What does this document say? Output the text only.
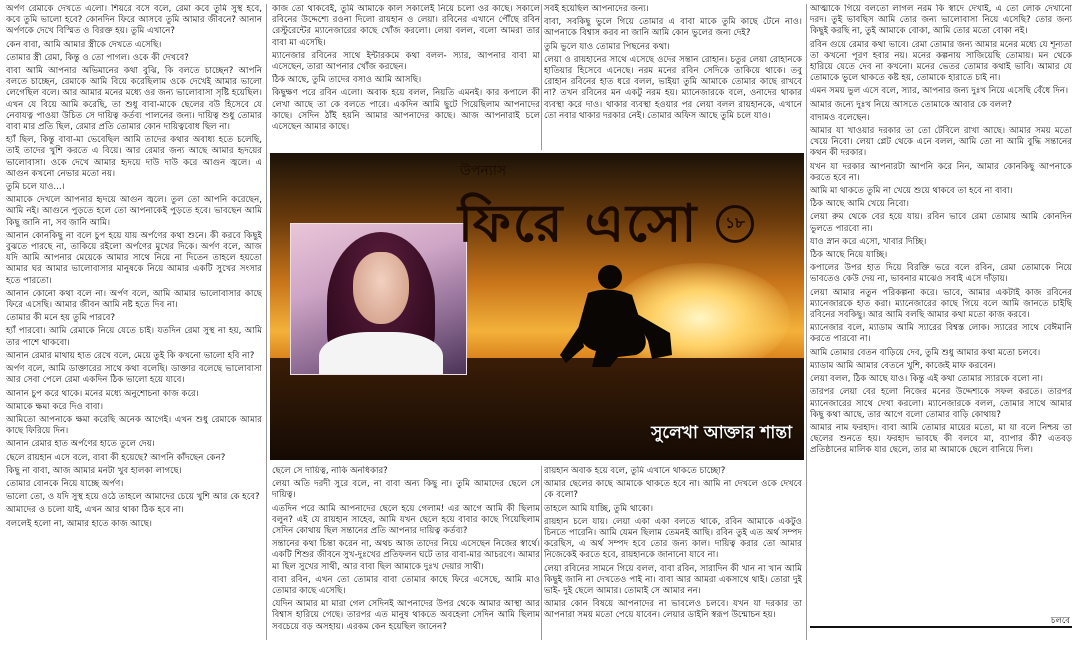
অর্পণ রেমাকে দেখতে এলো। শিয়রে বসে বলে, রেমা কবে তুমি সুস্থ হবে, কবে তুমি ভালো হবে? কোনদিন ফিরে আসবে তুমি আমার জীবনে? আনান অর্পণকে দেখে বিস্মিত ও বিরক্ত হয়। তুমি এখানে?

কেন বাবা, আমি আমার স্ত্রীকে দেখতে এসেছি।

তোমার স্ত্রী রেমা, কিন্তু ও তো পাগল। ওকে কী দেখবে?

বাবা আমি আপনার অভিমানের কথা বুঝি, কি বলতে চাচ্ছেন? আপনি বলতে চাচ্ছেন, রেমাকে আমি বিয়ে করেছিলাম ওকে দেখেই আমার ভালো লেগেছিল বলে। আর আমার মনের মধ্যে ওর জন্য ভালোবাসা সৃষ্টি হয়েছিল। এখন যে বিয়ে আমি করেছি, তা শুধু বাবা-মাকে ছেলের বউ হিসেবে যে নেবাযত্ন পাওয়া উচিত সে দায়িত্ব কর্তব্য পালনের জন্য। দায়িত্ব শুধু তোমার বাবা মার প্রতি ছিল, রেমার প্রতি তোমার কোন দায়িত্ববোধ ছিল না।

হ্যাঁ ছিল, কিন্তু বাবা-মা ভেবেছিল আমি তাদের কথার অবাধ্য হতে চলেছি, তাই তাদের খুশি করতে এ বিয়ে। আর রেমার জন্য আছে আমার হৃদয়ের ভালোবাসা। ওকে দেখে আমার হৃদয়ে দাউ দাউ করে আগুন জ্বলে। এ আগুন কখনো নেভার মতো নয়।

তুমি চলে যাও...।

আমাকে দেখলে আপনার হৃদয়ে আগুন জ্বলে। তুল তো আপনি করেছেন, আমি নই। আগুনে পুড়তে হলে তো আপনাকেই পুড়তে হবে। ভাবছেন আমি কিছু জানি না, সব জানি আমি।

আনান কোনকিছু না বলে চুপ হয়ে যায় অর্পণের কথা শুনে। কী করবে কিছুই বুঝতে পারছে না, তাকিয়ে রইলো অর্পণের মুখের দিকে। অর্পণ বলে, আজ যদি আমি আপনার মেয়েকে আমার সাথে নিয়ে না দিতেন তাহলে হয়তো আমার ঘর আমার ভালোবাসার মানুষকে নিয়ে আমার একটি সুখের সংসার হতে পারতো।

আনান কোনো কথা বলে না। অর্পণ বলে, আমি আমার ভালোবাসার কাছে ফিরে এসেছি। আমার জীবন আমি নষ্ট হতে দিব না।

তোমার কী মনে হয় তুমি পারবে?

হ্যাঁ পারবো। আমি রেমাকে নিয়ে যেতে চাই। যতদিন রেমা সুস্থ না হয়, আমি তার পাশে থাকবো।

আনান রেমার মাথায় হাত রেখে বলে, মেয়ে তুই কি কখনো ভালো হবি না?

অর্পণ বলে, আমি ডাক্তারের সাথে কথা বলেছি। ডাক্তার বলেছে ভালোবাসা আর সেবা পেলে রেমা একদিন ঠিক ভালো হয়ে যাবে।

আনান চুপ করে থাকে। মনের মধ্যে অনুশোচনা কাজ করে।

আমাকে ক্ষমা করে দিও বাবা।

আমিতো আপনাকে ক্ষমা করেছি অনেক আগেই। এখন শুধু রেমাকে আমার কাছে ফিরিয়ে দিন।

আনান রেমার হাত অর্পণের হাতে তুলে দেয়।

ছেলে রায়হান এসে বলে, বাবা কী হয়েছে? আপনি কাঁদছেন কেন?

কিছু না বাবা, আজ আমার মনটা খুব হালকা লাগছে।

তোমার বোনকে নিয়ে যাচ্ছে অর্পণ।

ভালো তো, ও যদি সুস্থ হয়ে ওঠে তাহলে আমাদের চেয়ে খুশি আর কে হবে?

আমাদের ও চলো যাই, এখন আর থাকা ঠিক হবে না।

বললেই হলো না, আমার হাতে কাজ আছে।

কাজ তো থাকবেই, তুমি আমাকে কাল সকালেই নিয়ে চলো ওর কাছে। সকালে রবিনের উদ্দেশ্যে রওনা দিলো রায়হান ও লেয়া। রবিনের এখানে পৌঁছে রবিন রেস্টুরেন্টের ম্যানেজারের কাছে খোঁজ করলো। লেয়া বলল, বলো আমরা তার বাবা মা এসেছি।

ম্যানেজার রবিনের সাথে ইন্টারকমে কথা বলল- স্যার, আপনার বাবা মা এসেছেন, তারা আপনার খোঁজ করছেন।

ঠিক আছে, তুমি তাদের বসাও আমি আসছি।

কিছুক্ষণ পরে রবিন এলো। অবাক হয়ে বলল, নিয়তি এমনই। কার কপালে কী লেখা আছে তা কে বলতে পারে। একদিন আমি ছুটে গিয়েছিলাম আপনাদের কাছে। সেদিন ঠাঁই হয়নি আমার আপনাদের কাছে। আজ আপনারাই চলে এসেছেন আমার কাছে।

সবই হয়েছিল আপনাদের জন্য।

বাবা, সবকিছু ভুলে গিয়ে তোমার এ বাবা মাকে তুমি কাছে টেনে নাও। আপনাকে বিশ্বাস করব না জানি আমি কোন ভুলের জন্য দেই?

তুমি ভুলে যাও তোমার পিছনের কথা।

লেয়া ও রায়হানের সাথে এসেছে ওদের সন্তান রোহান। চতুর লেয়া রোহানকে হাতিয়ার হিসেবে এনেছে। নরম মনের রবিন সেদিকে তাকিয়ে থাকে। তবু রোহান রবিনের হাত ধরে বলল, ভাইয়া তুমি আমাকে তোমার কাছে রাখবে না? তখন রবিনের মন একটু নরম হয়। ম্যানেজারকে বলে, ওনাদের থাকার ব্যবস্থা করে দাও। থাকার ব্যবস্থা হওয়ার পর লেয়া বলল রায়হানকে, এখানে তো নবার থাকার দরকার নেই। তোমার অফিস আছে তুমি চলে যাও।

উপন্যাস
ফিরে এসো	১৮
সুলেখা আক্তার শান্তা

ছেলে সে দায়িত্ব, নাকি অনধিকার?

লেয়া অতি দরদী সুরে বলে, না বাবা অন্য কিছু না। তুমি আমাদের ছেলে সে দায়িত্ব।

এতদিন পরে আমি আপনাদের ছেলে হয়ে গেলাম! এর আগে আমি কী ছিলাম বলুন? এই যে রায়হান সাহেব, আমি যখন ছেলে হয়ে বাবার কাছে গিয়েছিলাম সেদিন কোথায় ছিল সন্তানের প্রতি আপনার দায়িত্ব কর্তব্য?

সন্তানের কথা চিন্তা করেন না, অথচ আজ তাদের নিয়ে এসেছেন নিজের স্বার্থে। একটি শিশুর জীবনে সুখ-দুঃখের প্রতিফলন ঘটে তার বাবা-মার আচরণে। আমার মা ছিল সুখের সাথী, আর বাবা ছিল আমাকে দুঃখ দেয়ার সাথী।

বাবা রবিন, এখন তো তোমার বাবা তোমার কাছে ফিরে এসেছে, আমি মাও তোমার কাছে এসেছি।

যেদিন আমার মা মারা গেল সেদিনই আপনাদের উপর থেকে আমার আস্থা আর বিশ্বাস হারিয়ে গেছে। তারপর এত মানুষ থাকতে অবহেলা সেদিন আমি ছিলাম সবচেয়ে বড় অসহায়। এরকম কেন হয়েছিল জানেন?

রায়হান অবাক হয়ে বলে, তুমি এখানে থাকতে চাচ্ছো?

আমার ছেলের কাছে আমাকে থাকতে হবে না। আমি না দেখলে ওকে দেখবে কে বলো?

তাহলে আমি যাচ্ছি, তুমি থাকো।

রায়হান চলে যায়। লেয়া একা একা বলতে থাকে, রবিন আমাকে একটুও চিনতে পারেনি। আমি যেমন ছিলাম তেমনই আছি। রবিন তুই এত অর্থ সম্পদ করেছিস, এ অর্থ সম্পদ হবে তোর জন্য কাল। দায়িত্ব করার তো আমার নিজেকেই করতে হবে, রায়হানকে জানানো যাবে না।

লেয়া রবিনের সামনে গিয়ে বলল, বাবা রবিন, সারাদিন কী খান না খান আমি কিছুই জানি না দেখতেও পাই না। বাবা আর আমরা একসাথে থাই। তোরা দুই ভাই- দুই ছেলে আমার। তোমাই সে আমার নন।

আমার কোন বিষয়ে আপনাদের না ভাবলেও চলবে। যখন যা দরকার তা আপনারা সময় মতো পেয়ে যাবেন। লেয়ার ডাইনি স্বরূপ উন্মোচন হয়।

আত্মাকে গিয়ে বলতো লাগল নরম কি স্বাদে দেখাই, এ তো লোক দেখানো দরদ। তুই ভাবছিস আমি তোর জন্য ভালোবাসা নিয়ে এসেছি? তোর জন্য কিছুই করছি না, তুই আমাকে বোকা, আমি তোর মতো বোকা নই।

রবিন গুয়ে রেমার কথা ভাবে। রেমা তোমার জন্য আমার মনের মধ্যে যে শূন্যতা তা কখনো পূরণ হবার নয়। মনের কল্পনায় সাজিয়েছি তোমায়। মন থেকে হারিয়ে যেতে দেব না কখনো। মনের ভেতর তোমার কথাই ভাবি। আমার যে তোমাকে ভুলে থাকতে কষ্ট হয়, তোমাকে হারাতে চাই না।

এমন সময় ভুল এসে বলে, স্যার, আপনার জন্য দুঃখ নিয়ে এসেছি বেঁধে দিন।

আমার জন্যে দুঃখ নিয়ে আসতে তোমাকে আবার কে বলল?

বাদামও বলেছেন।

আমার যা খাওয়ার দরকার তা তো টেবিলে রাখা আছে। আমার সময় মতো খেয়ে নিবো। লেয়া প্লেট থেকে এনে বলল, আমি তো না আমি বুদ্ধি সন্তানের কথন কী দরকার।

যখন যা দরকার আপনারটা আপনি করে নিন, আমার কোনকিছু আপনাকে করতে হবে না।

আমি মা থাকতে তুমি না খেয়ে শুয়ে থাকবে তা হবে না বাবা।

ঠিক আছে আমি খেয়ে নিবো।

লেয়া রুম থেকে বের হয়ে যায়। রবিন ভাবে রেমা তোমায় আমি কোনদিন ভুলতে পারবো না।

যাও স্নান করে এসো, খাবার দিচ্ছি।

ঠিক আছে নিয়ে যাচ্ছি।

কপালের উপর হাত দিয়ে বিরক্তি ভরে বলে রবিন, রেমা তোমাকে নিয়ে ভাবতেও কেউ দেয় না, ভাবনার মাঝেও সবাই এসে দাঁড়ায়।

লেয়া আমার নতুন পরিকল্পনা করে। ভাবে, আমার একটাই কাজ রবিনের ম্যানেজারকে হাত করা। ম্যানেজারের কাছে গিয়ে বলে আমি জানতে চাইছি রবিনের সবকিছু। আর আমি বলছি আমার কথা মতো কাজ করবে।

ম্যানেজার বলে, ম্যাডাম আমি স্যারের বিশ্বস্ত লোক। স্যারের সাথে বেঈমানি করতে পারবো না।

আমি তোমার বেতন বাড়িয়ে দেব, তুমি শুধু আমার কথা মতো চলবে।

ম্যাডাম আমি আমার বেতনে খুশি, কাজেই মাফ করবেন।

লেয়া বলল, ঠিক আছে যাও। কিন্তু এই কথা তোমার স্যারকে বলো না।

তারপর লেয়া বের হলো নিজের মনের উদ্দেশ্যকে সফল করতে। তারপর ম্যানেজারের সাথে দেখা করলো। ম্যানেজারকে বলল, তোমার সাথে আমার কিছু কথা আছে, তার আগে বলো তোমার বাড়ি কোথায়?

আমার নাম ফরহাদ। বাবা আমি তোমার মায়ের মতো, মা যা বলে নিশ্চয় তা ছেলের শুনতে হয়। ফরহাদ ভাবছে কী বলবে মা, ব্যাপার কী? এতবড় প্রতিষ্ঠানের মালিক যার ছেলে, তার মা আমাকে ছেলে বানিয়ে দিল।

চলবে
